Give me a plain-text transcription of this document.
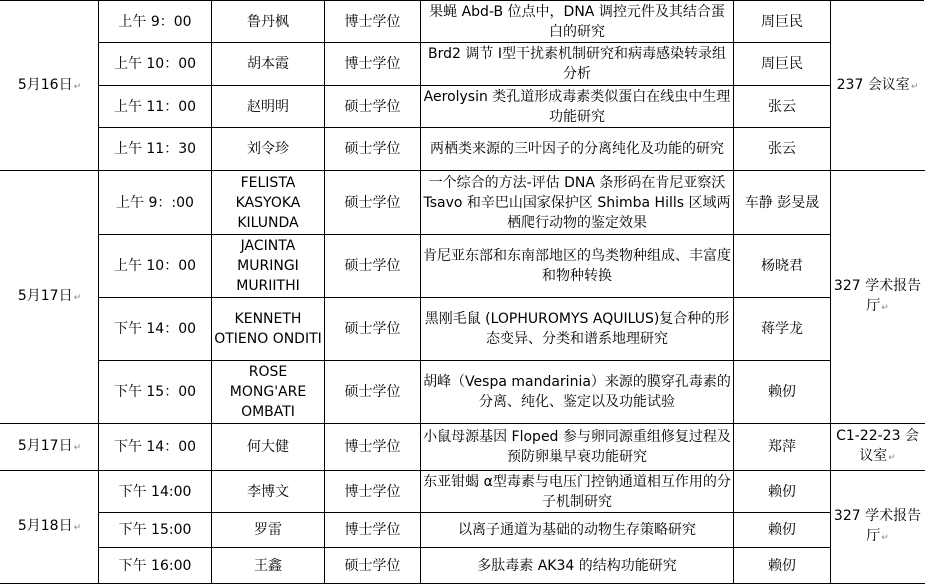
5月16日↵	上午 9：00	鲁丹枫	博士学位	果蝇 Abd-B 位点中，DNA 调控元件及其结合蛋白的研究	周巨民	237 会议室↵
	上午 10：00	胡本霞	博士学位	Brd2 调节 Ⅰ型干扰素机制研究和病毒感染转录组分析	周巨民	
	上午 11：00	赵明明	硕士学位	Aerolysin 类孔道形成毒素类似蛋白在线虫中生理功能研究	张云	
	上午 11：30	刘令珍	硕士学位	两栖类来源的三叶因子的分离纯化及功能的研究	张云	
5月17日↵	上午 9：:00	FELISTA KASYOKA KILUNDA	硕士学位	一个综合的方法-评估 DNA 条形码在肯尼亚察沃 Tsavo 和辛巴山国家保护区 Shimba Hills 区域两栖爬行动物的鉴定效果	车静 彭旻晟	327 学术报告厅↵
	上午 10：00	JACINTA MURINGI MURIITHI	硕士学位	肯尼亚东部和东南部地区的鸟类物种组成、丰富度和物种转换	杨晓君	
	下午 14：00	KENNETH OTIENO ONDITI	硕士学位	黑刚毛鼠 (LOPHUROMYS AQUILUS)复合种的形态变异、分类和谱系地理研究	蒋学龙	
	下午 15：00	ROSE MONG'ARE OMBATI	硕士学位	胡峰（Vespa mandarinia）来源的膜穿孔毒素的分离、纯化、鉴定以及功能试验	赖仞	
5月17日↵	下午 14：00	何大健	博士学位	小鼠母源基因 Floped 参与卵同源重组修复过程及预防卵巢早衰功能研究	郑萍	C1-22-23 会议室↵
5月18日↵	下午 14:00	李博文	博士学位	东亚钳蝎 α型毒素与电压门控钠通道相互作用的分子机制研究	赖仞	327 学术报告厅↵
	下午 15:00	罗雷	博士学位	以离子通道为基础的动物生存策略研究	赖仞	
	下午 16:00	王鑫	硕士学位	多肽毒素 AK34 的结构功能研究	赖仞	
